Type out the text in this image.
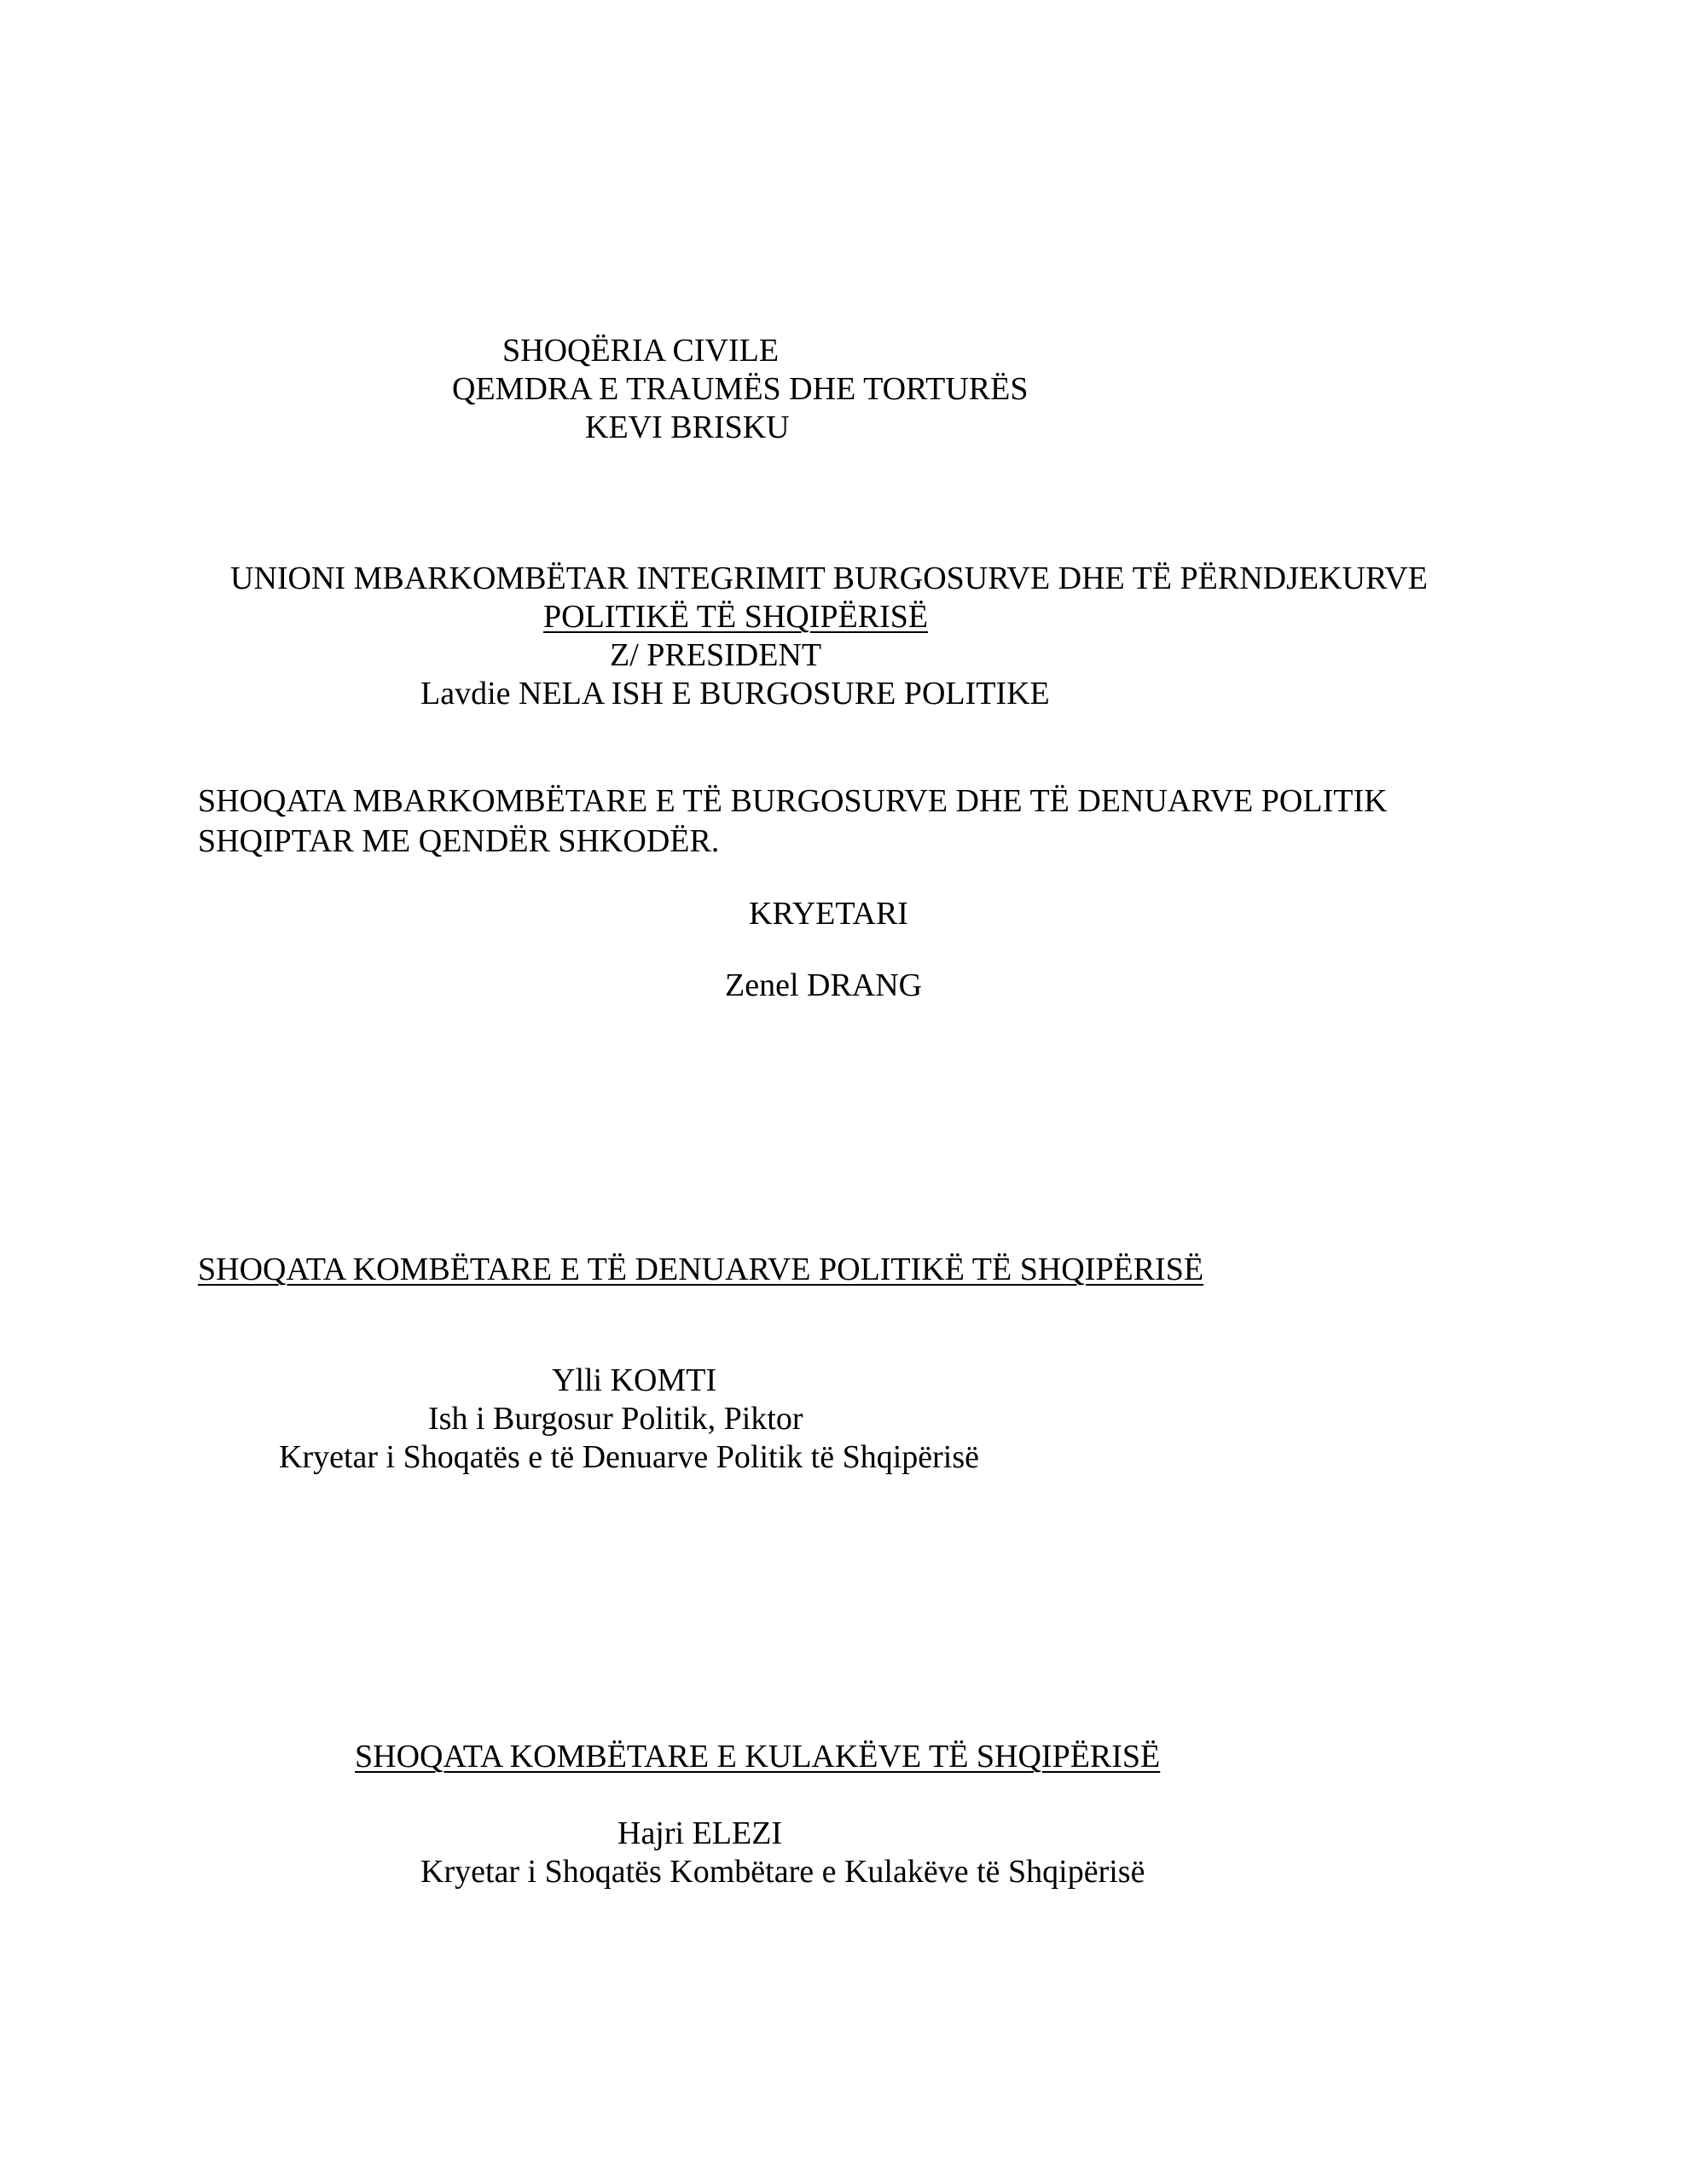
SHOQËRIA CIVILE
QEMDRA E TRAUMËS DHE TORTURËS
KEVI BRISKU
UNIONI MBARKOMBËTAR INTEGRIMIT BURGOSURVE DHE TË PËRNDJEKURVE
POLITIKË TË SHQIPËRISË
Z/ PRESIDENT
Lavdie NELA ISH E BURGOSURE POLITIKE
SHOQATA MBARKOMBËTARE E TË BURGOSURVE DHE TË DENUARVE POLITIK
SHQIPTAR ME QENDËR SHKODËR.
KRYETARI
Zenel DRANG
SHOQATA KOMBËTARE E TË DENUARVE POLITIKË TË SHQIPËRISË
Ylli KOMTI
Ish i Burgosur Politik, Piktor
Kryetar i Shoqatës e të Denuarve Politik të Shqipërisë
SHOQATA KOMBËTARE E KULAKËVE TË SHQIPËRISË
Hajri ELEZI
Kryetar i Shoqatës Kombëtare e Kulakëve të Shqipërisë
